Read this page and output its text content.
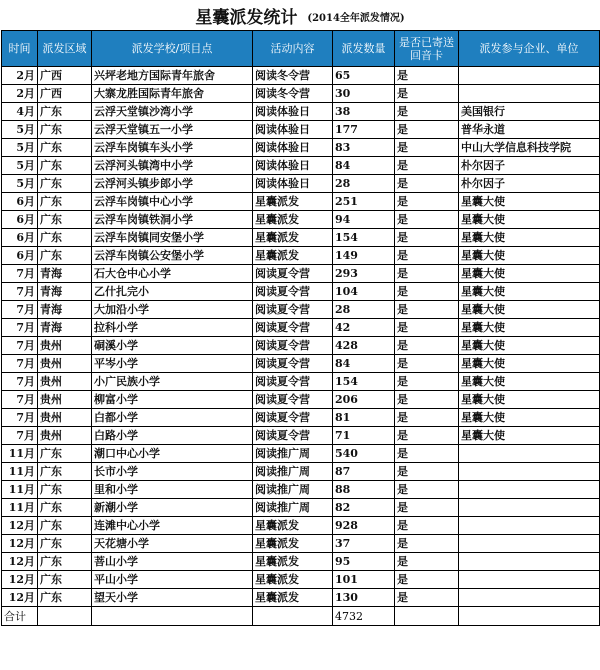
星囊派发统计 (2014全年派发情况)
时间	派发区域	派发学校/项目点	活动内容	派发数量	是否已寄送回音卡	派发参与企业、单位
2月	广西	兴坪老地方国际青年旅舍	阅读冬令营	65	是	
2月	广西	大寨龙胜国际青年旅舍	阅读冬令营	30	是	
4月	广东	云浮天堂镇沙湾小学	阅读体验日	38	是	美国银行
5月	广东	云浮天堂镇五一小学	阅读体验日	177	是	普华永道
5月	广东	云浮车岗镇车头小学	阅读体验日	83	是	中山大学信息科技学院
5月	广东	云浮河头镇湾中小学	阅读体验日	84	是	朴尔因子
5月	广东	云浮河头镇步郎小学	阅读体验日	28	是	朴尔因子
6月	广东	云浮车岗镇中心小学	星囊派发	251	是	星囊大使
6月	广东	云浮车岗镇铁洞小学	星囊派发	94	是	星囊大使
6月	广东	云浮车岗镇同安堡小学	星囊派发	154	是	星囊大使
6月	广东	云浮车岗镇公安堡小学	星囊派发	149	是	星囊大使
7月	青海	石大仓中心小学	阅读夏令营	293	是	星囊大使
7月	青海	乙什扎完小	阅读夏令营	104	是	星囊大使
7月	青海	大加沿小学	阅读夏令营	28	是	星囊大使
7月	青海	拉科小学	阅读夏令营	42	是	星囊大使
7月	贵州	硐溪小学	阅读夏令营	428	是	星囊大使
7月	贵州	平岑小学	阅读夏令营	84	是	星囊大使
7月	贵州	小广民族小学	阅读夏令营	154	是	星囊大使
7月	贵州	柳富小学	阅读夏令营	206	是	星囊大使
7月	贵州	白都小学	阅读夏令营	81	是	星囊大使
7月	贵州	白路小学	阅读夏令营	71	是	星囊大使
11月	广东	潮口中心小学	阅读推广周	540	是	
11月	广东	长市小学	阅读推广周	87	是	
11月	广东	里和小学	阅读推广周	88	是	
11月	广东	新潮小学	阅读推广周	82	是	
12月	广东	连滩中心小学	星囊派发	928	是	
12月	广东	天花塘小学	星囊派发	37	是	
12月	广东	菩山小学	星囊派发	95	是	
12月	广东	平山小学	星囊派发	101	是	
12月	广东	望天小学	星囊派发	130	是	
合计				4732		
